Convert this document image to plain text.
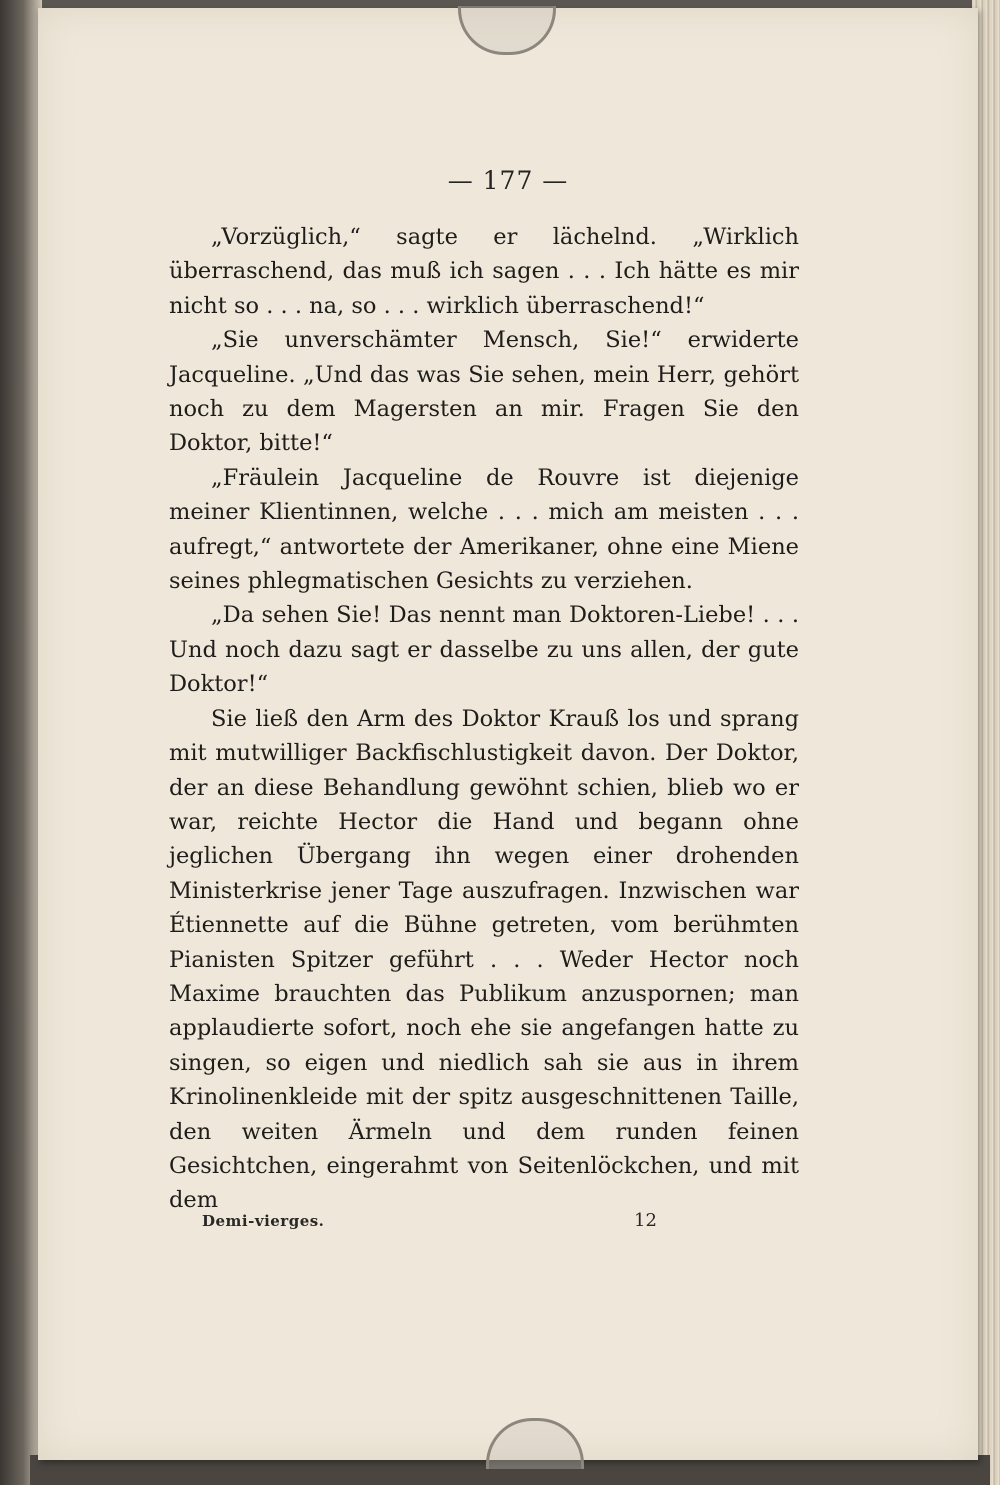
— 177 —

„Vorzüglich,“ sagte er lächelnd. „Wirklich überraschend, das muß ich sagen . . . Ich hätte es mir nicht so . . . na, so . . . wirklich überraschend!“

„Sie unverschämter Mensch, Sie!“ erwiderte Jacqueline. „Und das was Sie sehen, mein Herr, gehört noch zu dem Magersten an mir. Fragen Sie den Doktor, bitte!“

„Fräulein Jacqueline de Rouvre ist diejenige meiner Klientinnen, welche . . . mich am meisten . . . aufregt,“ antwortete der Amerikaner, ohne eine Miene seines phlegmatischen Gesichts zu verziehen.

„Da sehen Sie! Das nennt man Doktoren-Liebe! . . . Und noch dazu sagt er dasselbe zu uns allen, der gute Doktor!“

Sie ließ den Arm des Doktor Krauß los und sprang mit mutwilliger Backfischlustigkeit davon. Der Doktor, der an diese Behandlung gewöhnt schien, blieb wo er war, reichte Hector die Hand und begann ohne jeglichen Übergang ihn wegen einer drohenden Ministerkrise jener Tage auszufragen. Inzwischen war Étiennette auf die Bühne getreten, vom berühmten Pianisten Spitzer geführt . . . Weder Hector noch Maxime brauchten das Publikum anzuspornen; man applaudierte sofort, noch ehe sie angefangen hatte zu singen, so eigen und niedlich sah sie aus in ihrem Krinolinenkleide mit der spitz ausgeschnittenen Taille, den weiten Ärmeln und dem runden feinen Gesichtchen, eingerahmt von Seitenlöckchen, und mit dem

Demi-vierges.	12
